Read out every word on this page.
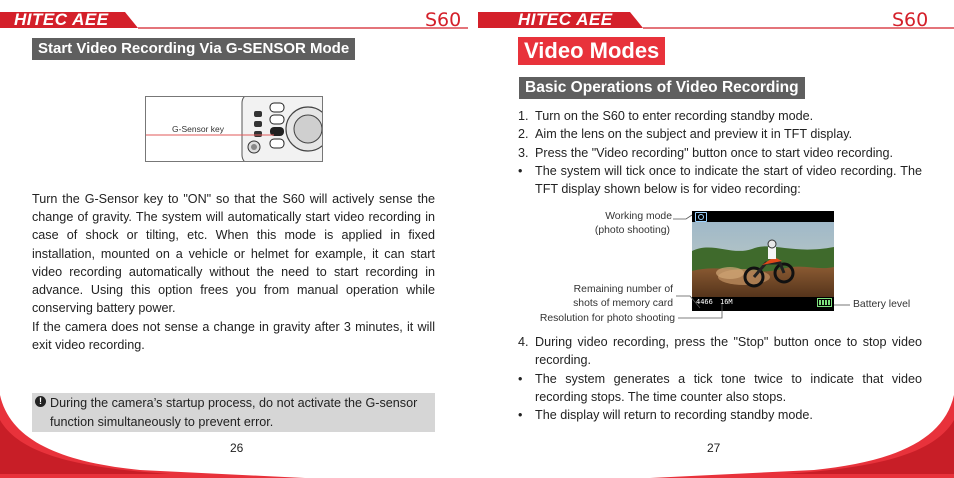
HITEC AEE	S60	HITEC AEE	S60
Start Video Recording Via G-SENSOR Mode
G-Sensor key
Turn the G-Sensor key to "ON" so that the S60 will actively sense the change of gravity. The system will automatically start video recording in case of shock or tilting, etc. When this mode is applied in fixed installation, mounted on a vehicle or helmet for example, it can start video recording automatically without the need to start recording in advance. Using this option frees you from manual operation while conserving battery power.
If the camera does not sense a change in gravity after 3 minutes, it will exit video recording.
! During the camera’s startup process, do not activate the G-sensor function simultaneously to prevent error.
26
Video Modes
Basic Operations of Video Recording
1. Turn on the S60 to enter recording standby mode.
2. Aim the lens on the subject and preview it in TFT display.
3. Press the "Video recording" button once to start video recording.
• The system will tick once to indicate the start of video recording. The TFT display shown below is for video recording:
4466 16M
Working mode
(photo shooting)
Remaining number of
shots of memory card
Resolution for photo shooting
Battery level
4. During video recording, press the "Stop" button once to stop video recording.
• The system generates a tick tone twice to indicate that video recording stops. The time counter also stops.
• The display will return to recording standby mode.
27
